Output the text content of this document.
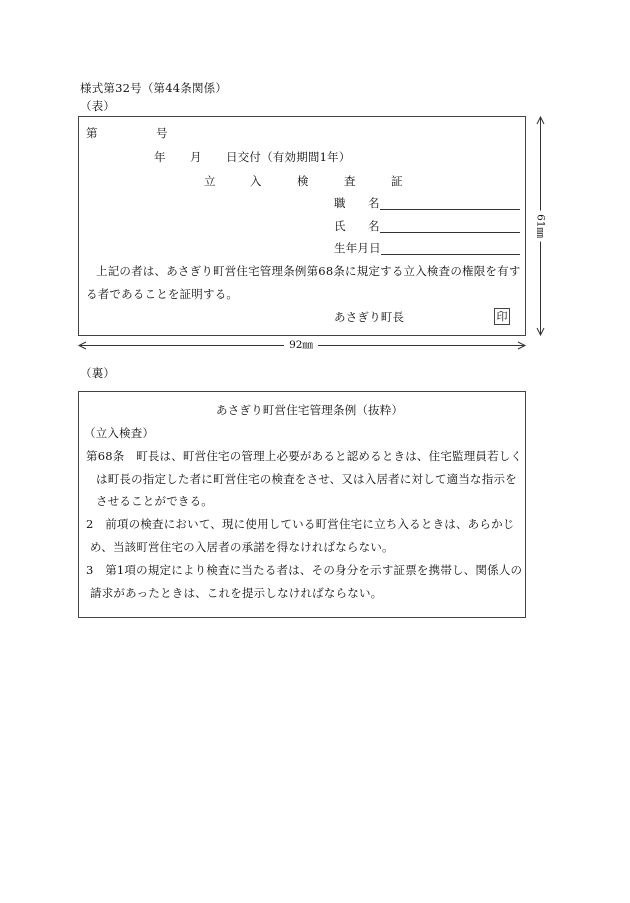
様式第32号（第44条関係）
（表）
第	号
年 月 日交付（有効期間1年）
立	入	検	査	証
職 名
氏 名
生年月日
上記の者は、あさぎり町営住宅管理条例第68条に規定する立入検査の権限を有す
る者であることを証明する。
あさぎり町長	印
61㎜
92㎜
（裏）
あさぎり町営住宅管理条例（抜粋）
（立入検査）
第68条　町長は、町営住宅の管理上必要があると認めるときは、住宅監理員若しく
は町長の指定した者に町営住宅の検査をさせ、又は入居者に対して適当な指示を
させることができる。
2　前項の検査において、現に使用している町営住宅に立ち入るときは、あらかじ
め、当該町営住宅の入居者の承諾を得なければならない。
3　第1項の規定により検査に当たる者は、その身分を示す証票を携帯し、関係人の
請求があったときは、これを提示しなければならない。
